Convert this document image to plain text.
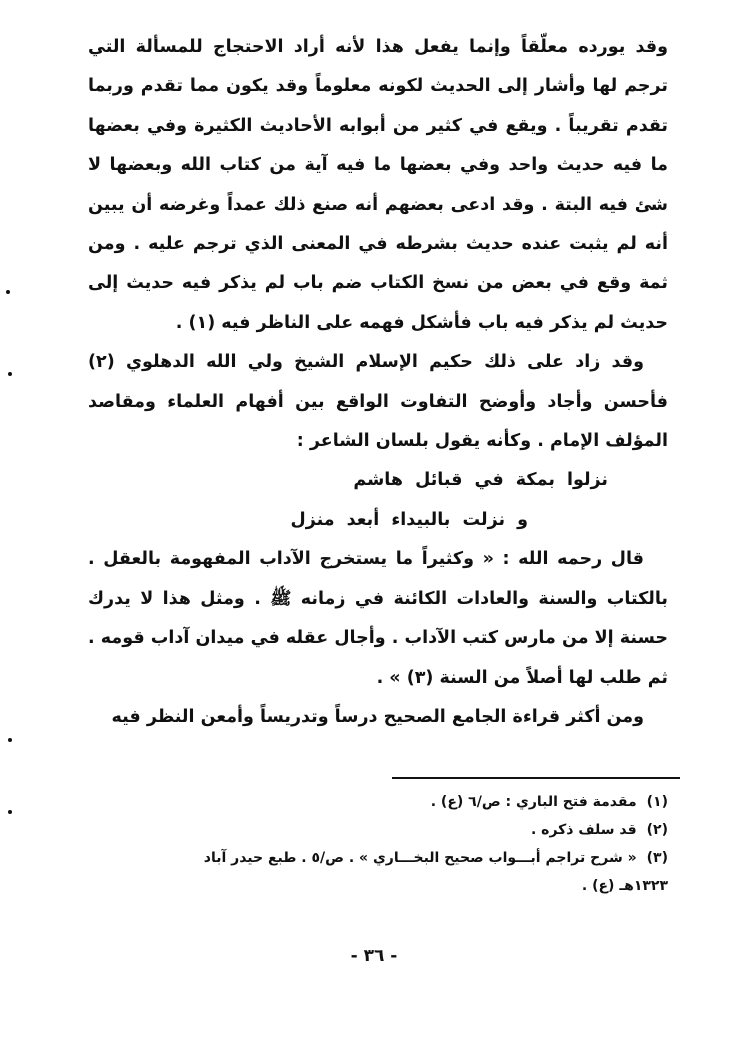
وقد يورده معلّقاً وإنما يفعل هذا لأنه أراد الاحتجاج للمسألة التي ترجم لها وأشار إلى الحديث لكونه معلوماً وقد يكون مما تقدم وربما تقدم تقريباً . ويقع في كثير من أبوابه الأحاديث الكثيرة وفي بعضها ما فيه حديث واحد وفي بعضها ما فيه آية من كتاب الله وبعضها لا شئ فيه البتة . وقد ادعى بعضهم أنه صنع ذلك عمداً وغرضه أن يبين أنه لم يثبت عنده حديث بشرطه في المعنى الذي ترجم عليه . ومن ثمة وقع في بعض من نسخ الكتاب ضم باب لم يذكر فيه حديث إلى حديث لم يذكر فيه باب فأشكل فهمه على الناظر فيه (١) .

وقد زاد على ذلك حكيم الإسلام الشيخ ولي الله الدهلوي (٢) فأحسن وأجاد وأوضح التفاوت الواقع بين أفهام العلماء ومقاصد المؤلف الإمام . وكأنه يقول بلسان الشاعر :

نزلوا بمكة في قبائل هاشم

و نزلت بالبيداء أبعد منزل

قال رحمه الله : « وكثيراً ما يستخرج الآداب المفهومة بالعقل . بالكتاب والسنة والعادات الكائنة في زمانه ﷺ . ومثل هذا لا يدرك حسنة إلا من مارس كتب الآداب . وأجال عقله في ميدان آداب قومه . ثم طلب لها أصلاً من السنة (٣) » .

ومن أكثر قراءة الجامع الصحيح درساً وتدريساً وأمعن النظر فيه

(١)مقدمة فتح الباري : ص/٦ (ع) .

(٢)قد سلف ذكره .

(٣)« شرح تراجم أبـــواب صحيح البخـــاري » . ص/٥ . طبع حيدر آباد

١٣٢٣هـ (ع) .

- ٣٦ -
